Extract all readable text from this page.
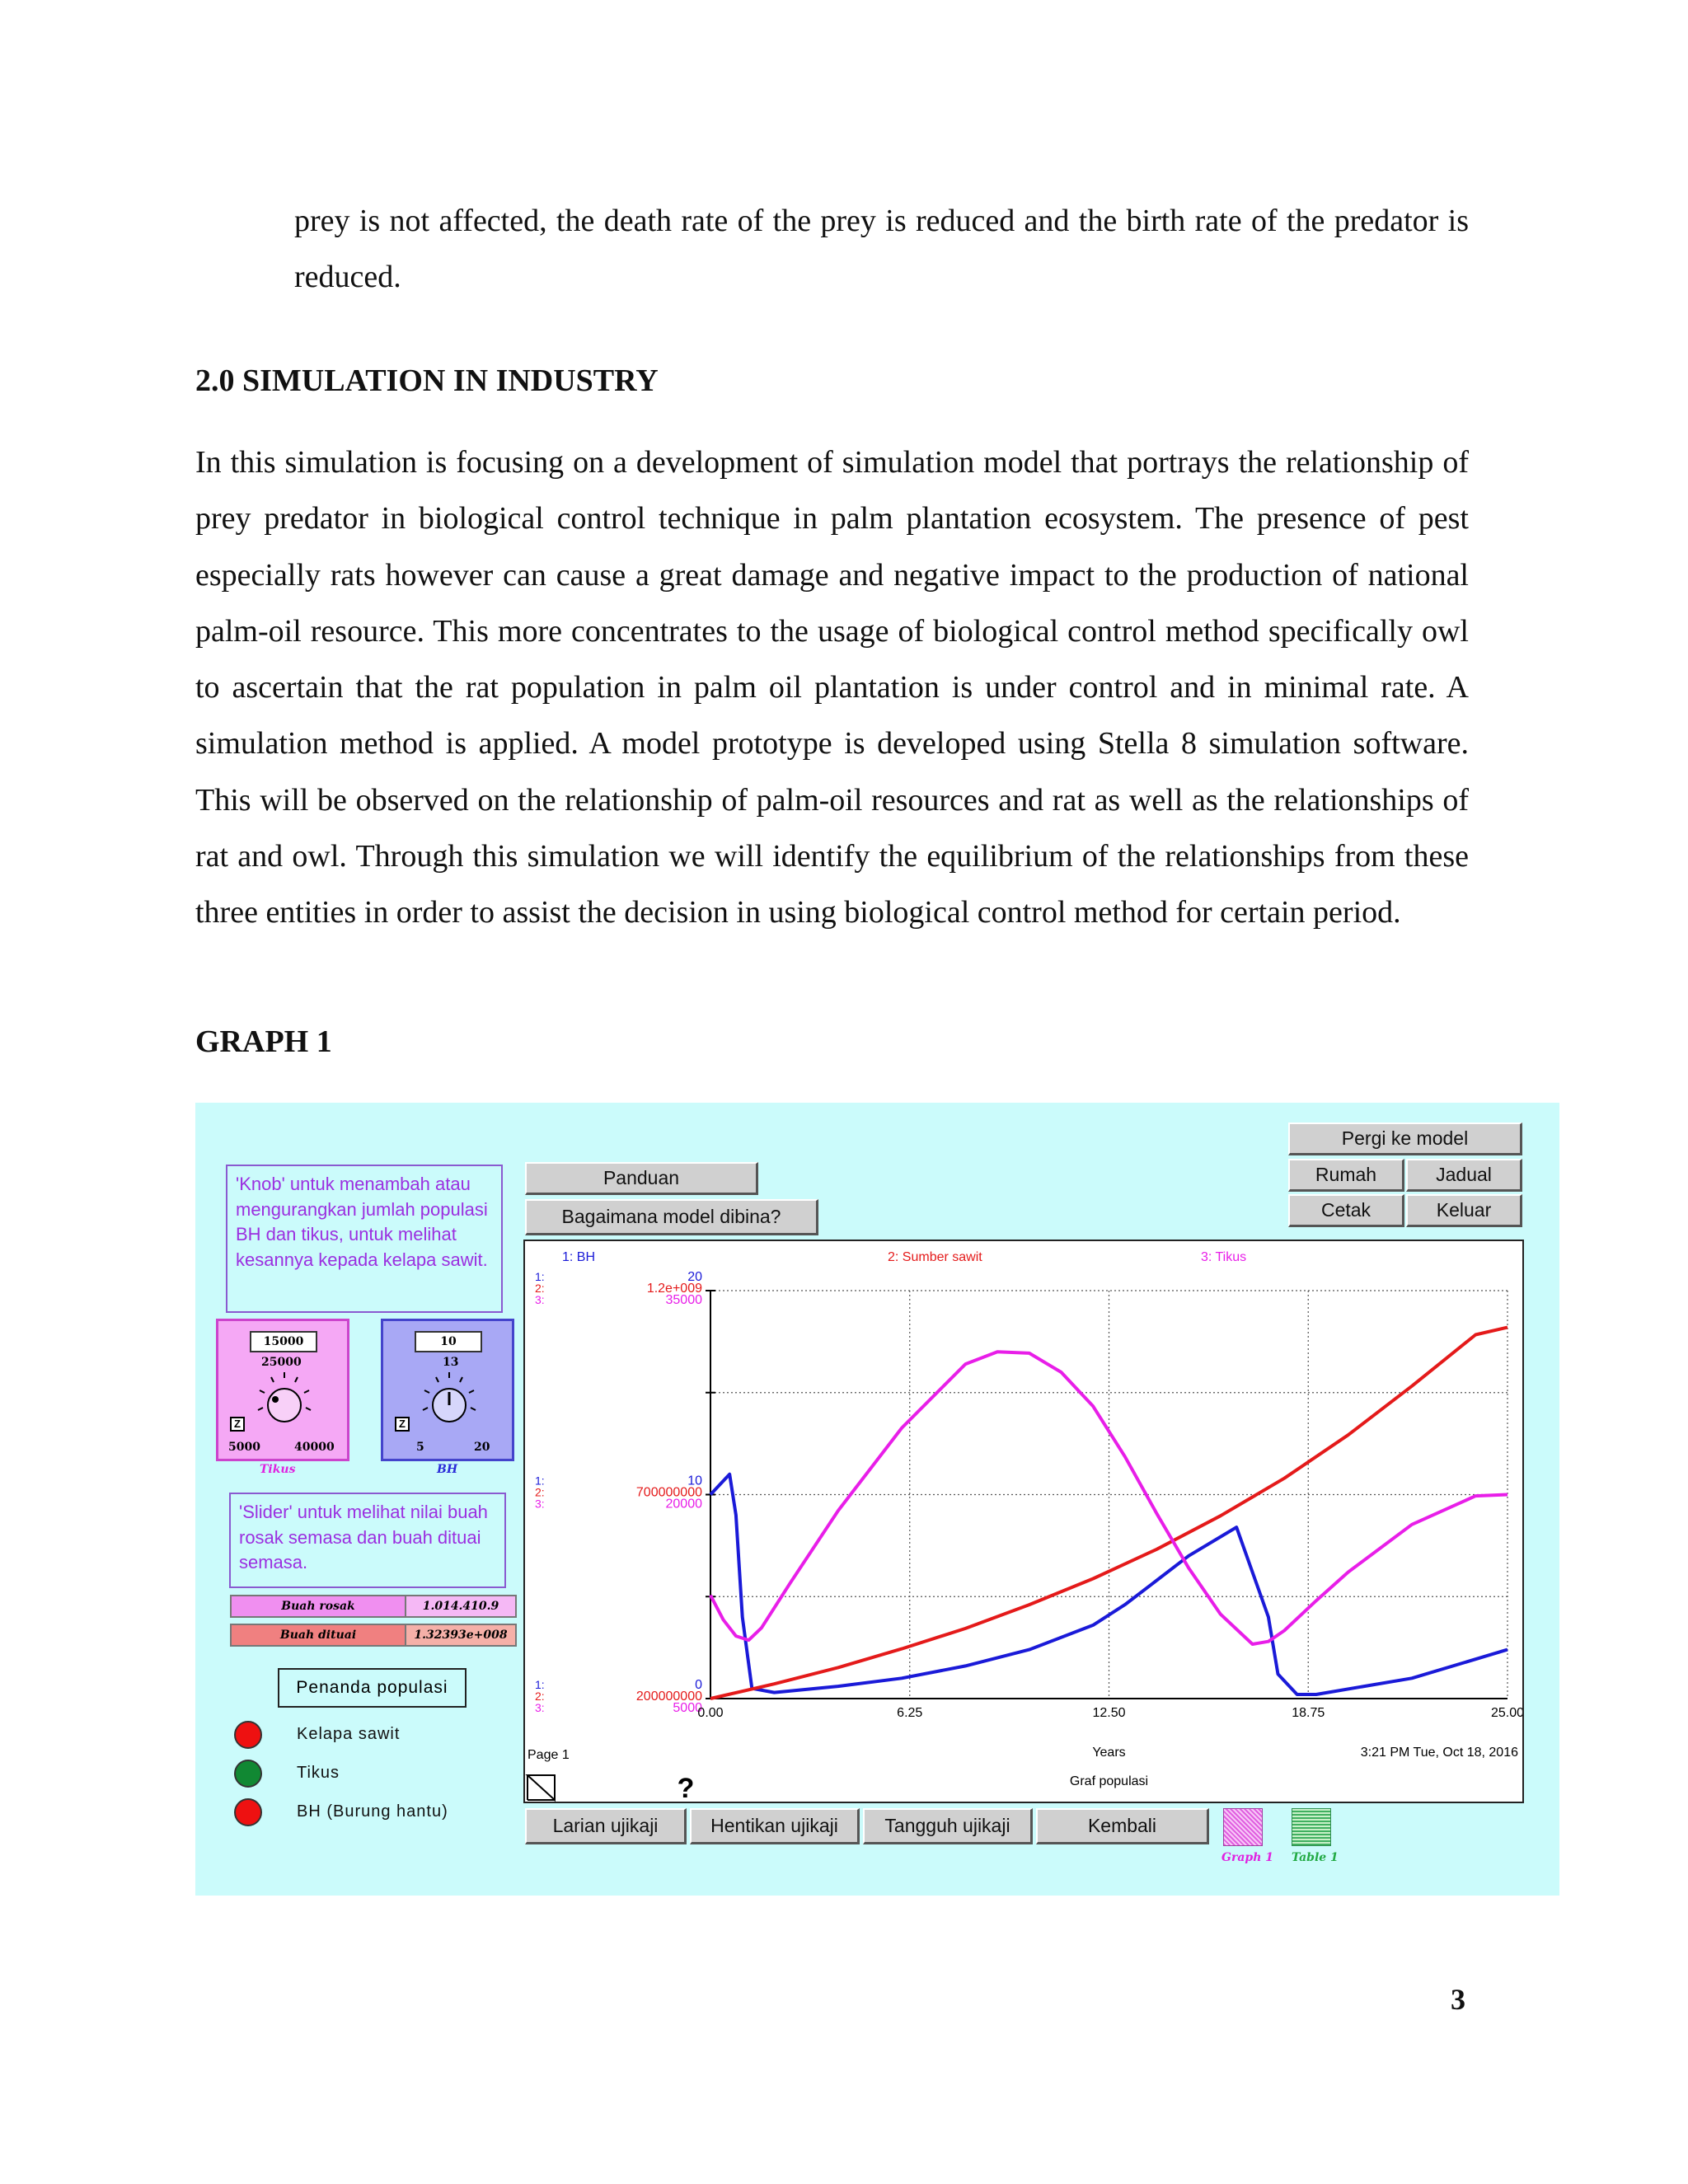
prey is not affected, the death rate of the prey is reduced and the birth rate of the predator is reduced.

2.0 SIMULATION IN INDUSTRY

In this simulation is focusing on a development of simulation model that portrays the relationship of prey predator in biological control technique in palm plantation ecosystem. The presence of pest especially rats however can cause a great damage and negative impact to the production of national palm-oil resource. This more concentrates to the usage of biological control method specifically owl to ascertain that the rat population in palm oil plantation is under control and in minimal rate. A simulation method is applied. A model prototype is developed using Stella 8 simulation software. This will be observed on the relationship of palm-oil resources and rat as well as the relationships of rat and owl. Through this simulation we will identify the equilibrium of the relationships from these three entities in order to assist the decision in using biological control method for certain period.

GRAPH 1
3
'Knob' untuk menambah atau mengurangkan jumlah populasi BH dan tikus, untuk melihat kesannya kepada kelapa sawit.
15000
25000
Z
5000	40000
Tikus
10
13
Z
5	20
BH
'Slider' untuk melihat nilai buah rosak semasa dan buah dituai semasa.
Buah rosak	1.014.410.9
Buah dituai	1.32393e+008
Penanda populasi
Kelapa sawit
Tikus
BH (Burung hantu)
Panduan
Bagaimana model dibina?
Pergi ke model
Rumah	Jadual
Cetak	Keluar
1: BH	2: Sumber sawit	3: Tikus
1:	20
2:	1.2e+009
3:	35000
1:	10
2:	700000000
3:	20000
1:	0
2:	200000000
3:	5000
0.00	6.25	12.50	18.75	25.00
Page 1	Years
Graf populasi
3:21 PM Tue, Oct 18, 2016
?
Larian ujikaji	Hentikan ujikaji	Tangguh ujikaji	Kembali
Graph 1 Table 1
